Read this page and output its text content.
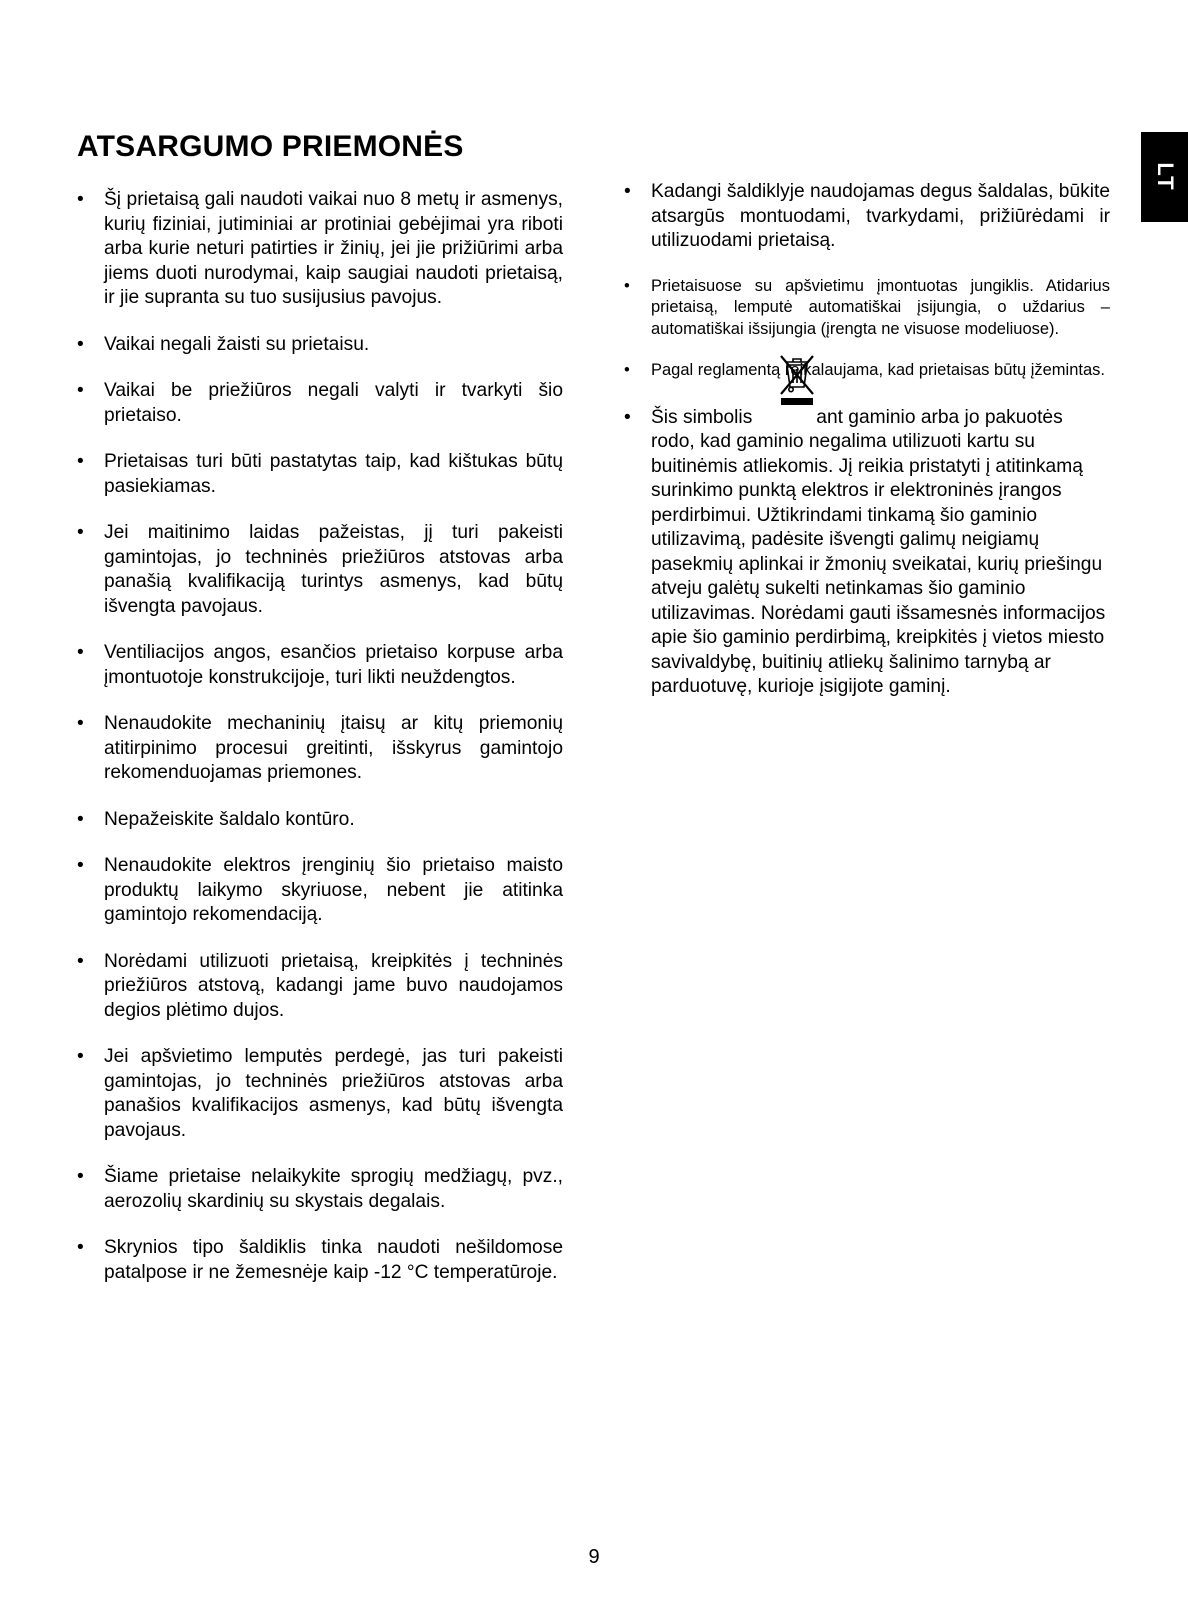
ATSARGUMO PRIEMONĖS
LT
• Šį prietaisą gali naudoti vaikai nuo 8 metų ir asmenys, kurių fiziniai, jutiminiai ar protiniai gebėjimai yra riboti arba kurie neturi patirties ir žinių, jei jie prižiūrimi arba jiems duoti nurodymai, kaip saugiai naudoti prietaisą, ir jie supranta su tuo susijusius pavojus.
• Vaikai negali žaisti su prietaisu.
• Vaikai be priežiūros negali valyti ir tvarkyti šio prietaiso.
• Prietaisas turi būti pastatytas taip, kad kištukas būtų pasiekiamas.
• Jei maitinimo laidas pažeistas, jį turi pakeisti gamintojas, jo techninės priežiūros atstovas arba panašią kvalifikaciją turintys asmenys, kad būtų išvengta pavojaus.
• Ventiliacijos angos, esančios prietaiso korpuse arba įmontuotoje konstrukcijoje, turi likti neuždengtos.
• Nenaudokite mechaninių įtaisų ar kitų priemonių atitirpinimo procesui greitinti, išskyrus gamintojo rekomenduojamas priemones.
• Nepažeiskite šaldalo kontūro.
• Nenaudokite elektros įrenginių šio prietaiso maisto produktų laikymo skyriuose, nebent jie atitinka gamintojo rekomendaciją.
• Norėdami utilizuoti prietaisą, kreipkitės į techninės priežiūros atstovą, kadangi jame buvo naudojamos degios plėtimo dujos.
• Jei apšvietimo lemputės perdegė, jas turi pakeisti gamintojas, jo techninės priežiūros atstovas arba panašios kvalifikacijos asmenys, kad būtų išvengta pavojaus.
• Šiame prietaise nelaikykite sprogių medžiagų, pvz., aerozolių skardinių su skystais degalais.
• Skrynios tipo šaldiklis tinka naudoti nešildomose patalpose ir ne žemesnėje kaip -12 °C temperatūroje.
• Kadangi šaldiklyje naudojamas degus šaldalas, būkite atsargūs montuodami, tvarkydami, prižiūrėdami ir utilizuodami prietaisą.
•	Prietaisuose su apšvietimu įmontuotas jungiklis. Atidarius prietaisą, lemputė automatiškai įsijungia, o uždarius – automatiškai išsijungia (įrengta ne visuose modeliuose).
•	Pagal reglamentą reikalaujama, kad prietaisas būtų įžemintas.
• Šis simbolis	ant gaminio arba jo pakuotės rodo, kad gaminio negalima utilizuoti kartu su buitinėmis atliekomis. Jį reikia pristatyti į atitinkamą surinkimo punktą elektros ir elektroninės įrangos perdirbimui. Užtikrindami tinkamą šio gaminio utilizavimą, padėsite išvengti galimų neigiamų pasekmių aplinkai ir žmonių sveikatai, kurių priešingu atveju galėtų sukelti netinkamas šio gaminio utilizavimas. Norėdami gauti išsamesnės informacijos apie šio gaminio perdirbimą, kreipkitės į vietos miesto savivaldybę, buitinių atliekų šalinimo tarnybą ar parduotuvę, kurioje įsigijote gaminį.
9
